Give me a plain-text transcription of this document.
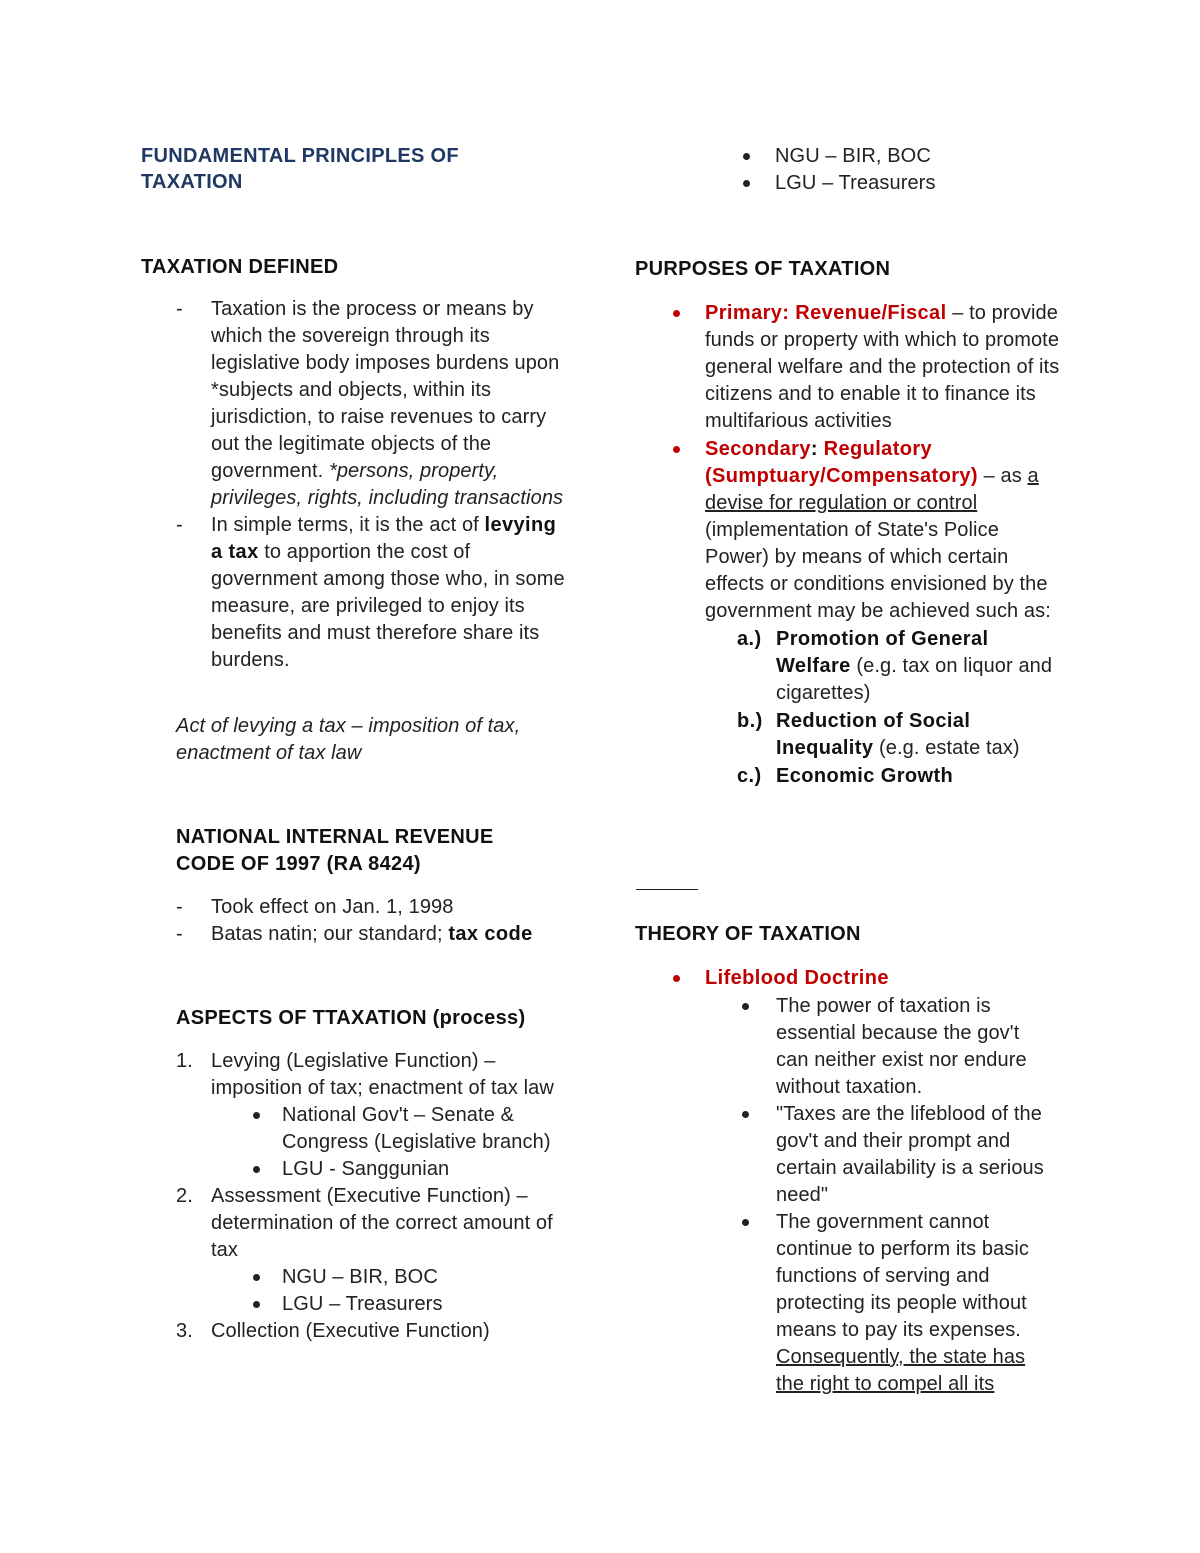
FUNDAMENTAL PRINCIPLES OF TAXATION
TAXATION DEFINED
- Taxation is the process or means by which the sovereign through its legislative body imposes burdens upon *subjects and objects, within its jurisdiction, to raise revenues to carry out the legitimate objects of the government. *persons, property, privileges, rights, including transactions
- In simple terms, it is the act of levying a tax to apportion the cost of government among those who, in some measure, are privileged to enjoy its benefits and must therefore share its burdens.
Act of levying a tax – imposition of tax, enactment of tax law
NATIONAL INTERNAL REVENUE CODE OF 1997 (RA 8424)
- Took effect on Jan. 1, 1998
- Batas natin; our standard; tax code
ASPECTS OF TTAXATION (process)
1. Levying (Legislative Function) – imposition of tax; enactment of tax law
National Gov't – Senate & Congress (Legislative branch)
LGU - Sanggunian
2. Assessment (Executive Function) – determination of the correct amount of tax
NGU – BIR, BOC
LGU – Treasurers
3. Collection (Executive Function)
NGU – BIR, BOC
LGU – Treasurers
PURPOSES OF TAXATION
Primary: Revenue/Fiscal – to provide funds or property with which to promote general welfare and the protection of its citizens and to enable it to finance its multifarious activities
Secondary: Regulatory (Sumptuary/Compensatory) – as a devise for regulation or control (implementation of State's Police Power) by means of which certain effects or conditions envisioned by the government may be achieved such as:
a.) Promotion of General Welfare (e.g. tax on liquor and cigarettes)
b.) Reduction of Social Inequality (e.g. estate tax)
c.) Economic Growth
THEORY OF TAXATION
Lifeblood Doctrine
The power of taxation is essential because the gov't can neither exist nor endure without taxation.
"Taxes are the lifeblood of the gov't and their prompt and certain availability is a serious need"
The government cannot continue to perform its basic functions of serving and protecting its people without means to pay its expenses. Consequently, the state has the right to compel all its
